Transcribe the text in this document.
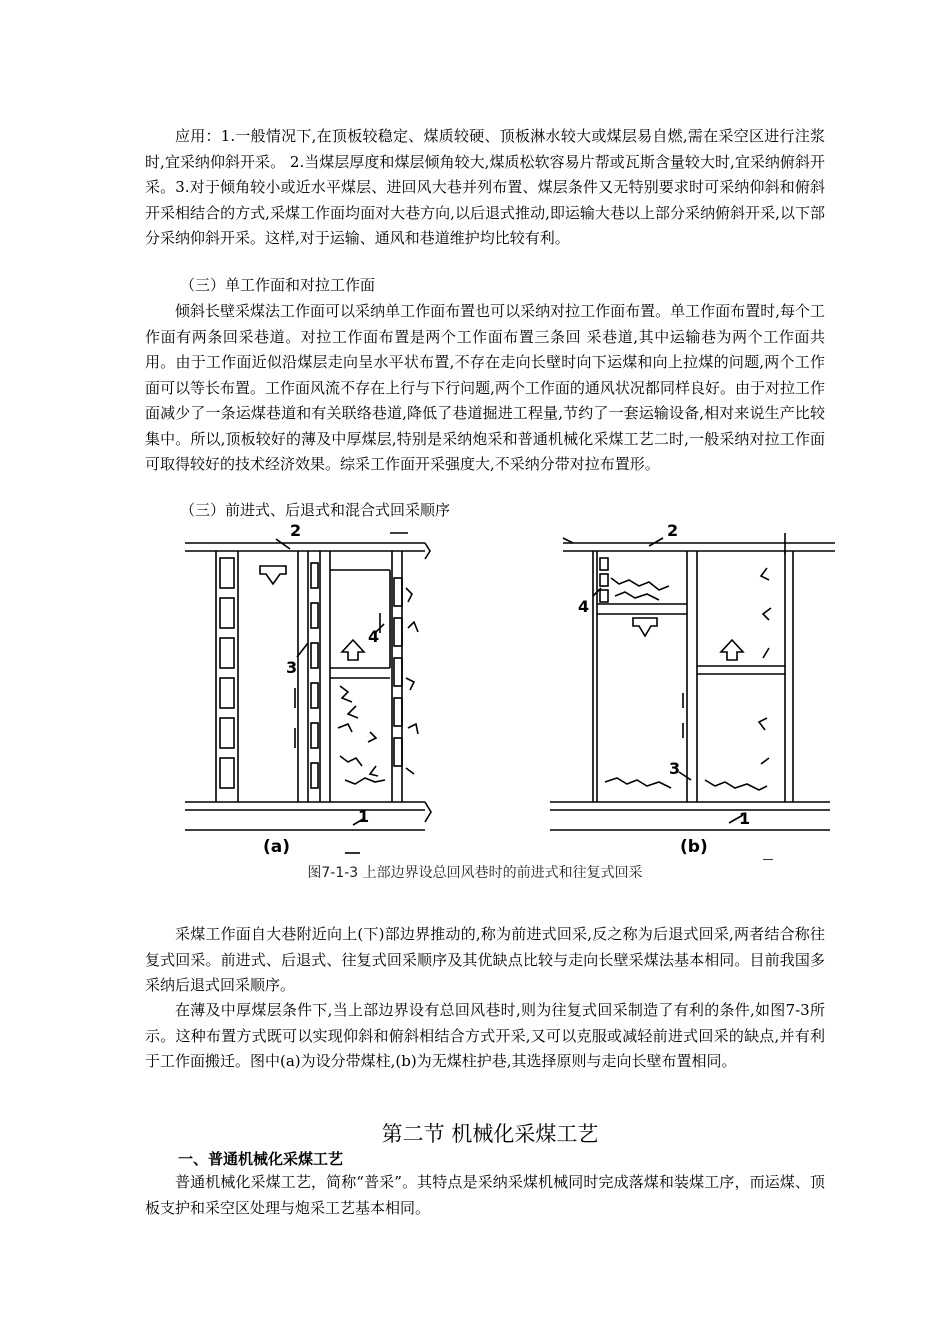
应用：1.一般情况下,在顶板较稳定、煤质较硬、顶板淋水较大或煤层易自燃,需在采空区进行注浆时,宜采纳仰斜开采。 2.当煤层厚度和煤层倾角较大,煤质松软容易片帮或瓦斯含量较大时,宜采纳俯斜开采。3.对于倾角较小或近水平煤层、进回风大巷并列布置、煤层条件又无特别要求时可采纳仰斜和俯斜开采相结合的方式,采煤工作面均面对大巷方向,以后退式推动,即运输大巷以上部分采纳俯斜开采,以下部分采纳仰斜开采。这样,对于运输、通风和巷道维护均比较有利。

（三）单工作面和对拉工作面

倾斜长壁采煤法工作面可以采纳单工作面布置也可以采纳对拉工作面布置。单工作面布置时,每个工作面有两条回采巷道。对拉工作面布置是两个工作面布置三条回 采巷道,其中运输巷为两个工作面共用。由于工作面近似沿煤层走向呈水平状布置,不存在走向长壁时向下运煤和向上拉煤的问题,两个工作面可以等长布置。工作面风流不存在上行与下行问题,两个工作面的通风状况都同样良好。由于对拉工作面减少了一条运煤巷道和有关联络巷道,降低了巷道掘进工程量,节约了一套运输设备,相对来说生产比较集中。所以,顶板较好的薄及中厚煤层,特别是采纳炮采和普通机械化采煤工艺二时,一般采纳对拉工作面可取得较好的技术经济效果。综采工作面开采强度大,不采纳分带对拉布置形。

（三）前进式、后退式和混合式回采顺序

2
3
4
1
(a)
2
4
3
1
(b)

图7-1-3 上部边界设总回风巷时的前进式和往复式回采

采煤工作面自大巷附近向上(下)部边界推动的,称为前进式回采,反之称为后退式回采,两者结合称往复式回采。前进式、后退式、往复式回采顺序及其优缺点比较与走向长壁采煤法基本相同。目前我国多采纳后退式回采顺序。

在薄及中厚煤层条件下,当上部边界设有总回风巷时,则为往复式回采制造了有利的条件,如图7-3所示。这种布置方式既可以实现仰斜和俯斜相结合方式开采,又可以克服或减轻前进式回采的缺点,并有利于工作面搬迁。图中(a)为设分带煤柱,(b)为无煤柱护巷,其选择原则与走向长壁布置相同。

第二节 机械化采煤工艺

一、普通机械化采煤工艺

普通机械化采煤工艺，简称“普采”。其特点是采纳采煤机械同时完成落煤和装煤工序，而运煤、顶板支护和采空区处理与炮采工艺基本相同。
